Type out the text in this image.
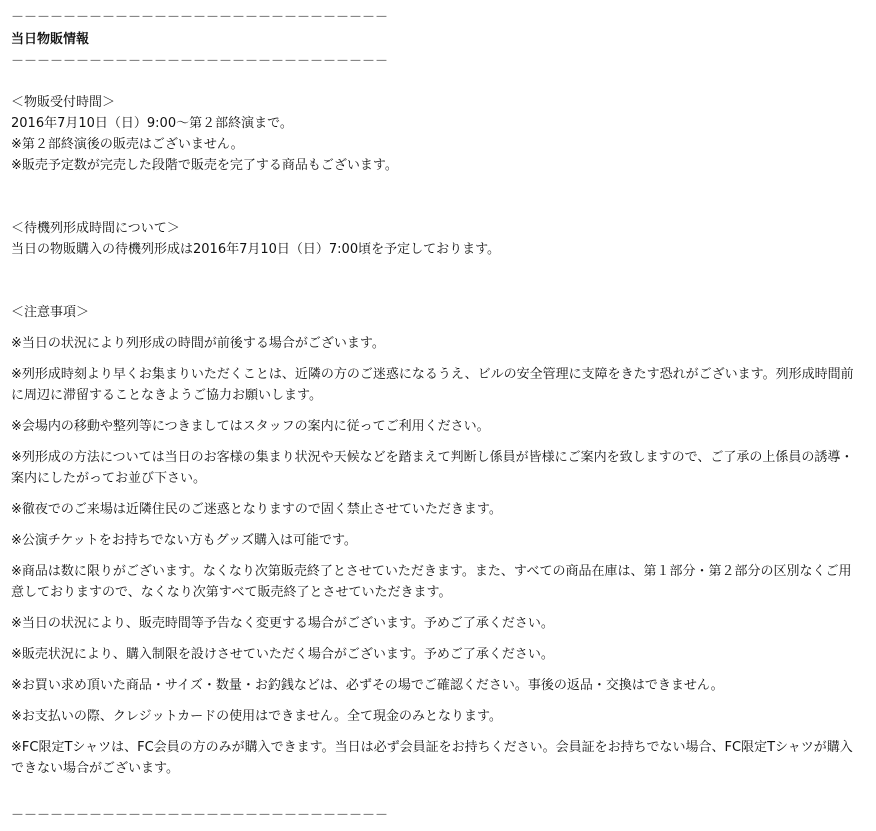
－－－－－－－－－－－－－－－－－－－－－－－－－－－－－
当日物販情報
－－－－－－－－－－－－－－－－－－－－－－－－－－－－－
＜物販受付時間＞
2016年7月10日（日）9:00〜第２部終演まで。
※第２部終演後の販売はございません。
※販売予定数が完売した段階で販売を完了する商品もございます。
＜待機列形成時間について＞
当日の物販購入の待機列形成は2016年7月10日（日）7:00頃を予定しております。
＜注意事項＞

※当日の状況により列形成の時間が前後する場合がございます。

※列形成時刻より早くお集まりいただくことは、近隣の方のご迷惑になるうえ、ビルの安全管理に支障をきたす恐れがございます。列形成時間前に周辺に滞留することなきようご協力お願いします。

※会場内の移動や整列等につきましてはスタッフの案内に従ってご利用ください。

※列形成の方法については当日のお客様の集まり状況や天候などを踏まえて判断し係員が皆様にご案内を致しますので、ご了承の上係員の誘導・案内にしたがってお並び下さい。

※徹夜でのご来場は近隣住民のご迷惑となりますので固く禁止させていただきます。

※公演チケットをお持ちでない方もグッズ購入は可能です。

※商品は数に限りがございます。なくなり次第販売終了とさせていただきます。また、すべての商品在庫は、第１部分・第２部分の区別なくご用意しておりますので、なくなり次第すべて販売終了とさせていただきます。

※当日の状況により、販売時間等予告なく変更する場合がございます。予めご了承ください。

※販売状況により、購入制限を設けさせていただく場合がございます。予めご了承ください。

※お買い求め頂いた商品・サイズ・数量・お釣銭などは、必ずその場でご確認ください。事後の返品・交換はできません。

※お支払いの際、クレジットカードの使用はできません。全て現金のみとなります。

※FC限定Tシャツは、FC会員の方のみが購入できます。当日は必ず会員証をお持ちください。会員証をお持ちでない場合、FC限定Tシャツが購入できない場合がございます。

－－－－－－－－－－－－－－－－－－－－－－－－－－－－－
